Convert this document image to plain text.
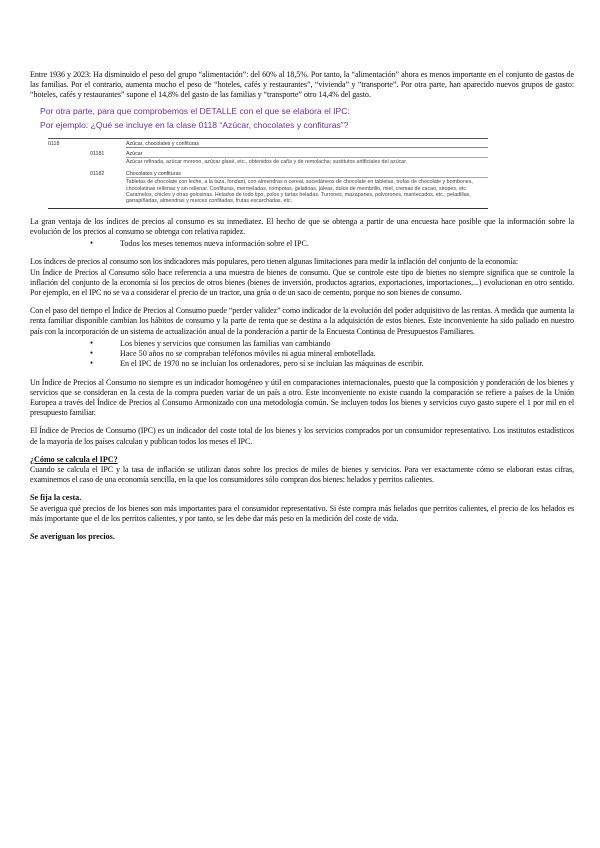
Entre 1936 y 2023: Ha disminuido el peso del grupo “alimentación”: del 60% al 18,5%. Por tanto, la “alimentación” ahora es menos importante en el conjunto de gastos de las familias. Por el contrario, aumenta mucho el peso de “hoteles, cafés y restaurantes”, “vivienda” y “transporte”. Por otra parte, han aparecido nuevos grupos de gasto: “hoteles, cafés y restaurantes” supone el 14,8% del gasto de las familias y “transporte” otro 14,4% del gasto.

Por otra parte, para que comprobemos el DETALLE con el que se elabora el IPC:
Por ejemplo: ¿Qué se incluye en la clase 0118 “Azúcar, chocolates y confituras”?
0118	Azúcar, chocolates y confituras
01181	Azúcar
Azúcar refinada, azúcar moreno, azúcar glasé, etc., obtenidos de caña y de remolacha; sustitutos artificiales del azúcar.
01182	Chocolates y confituras
Tabletas de chocolate con leche, a la taza, fondant, con almendras o cereal, sucedáneos de chocolate en tabletas, trufas de chocolate y bombones, chocolatinas rellenas y sin rellenar. Confituras, mermeladas, compotas, gelatinas, jaleas, dulce de membrillo, miel, cremas de cacao, siropes, etc. Caramelos, chicles y otras golosinas. Helados de todo tipo, polos y tartas heladas. Turrones, mazapanes, polvorones, mantecados, etc.; peladillas, garrapiñadas, almendras y nueces confitadas, frutas escarchadas, etc.

La gran ventaja de los índices de precios al consumo es su inmediatez. El hecho de que se obtenga a partir de una encuesta hace posible que la información sobre la evolución de los precios al consumo se obtenga con relativa rapidez.

● Todos los meses tenemos nueva información sobre el IPC.

Los índices de precios al consumo son los indicadores más populares, pero tienen algunas limitaciones para medir la inflación del conjunto de la economía:

Un Índice de Precios al Consumo sólo hace referencia a una muestra de bienes de consumo. Que se controle este tipo de bienes no siempre significa que se controle la inflación del conjunto de la economía si los precios de otros bienes (bienes de inversión, productos agrarios, exportaciones, importaciones,...) evolucionan en otro sentido. Por ejemplo, en el IPC no se va a considerar el precio de un tractor, una grúa o de un saco de cemento, porque no son bienes de consumo.

Con el paso del tiempo el Índice de Precios al Consumo puede “perder validez” como indicador de la evolución del poder adquisitivo de las rentas. A medida que aumenta la renta familiar disponible cambian los hábitos de consumo y la parte de renta que se destina a la adquisición de estos bienes. Este inconveniente ha sido paliado en nuestro país con la incorporación de un sistema de actualización anual de la ponderación a partir de la Encuesta Continua de Presupuestos Familiares.

● Los bienes y servicios que consumen las familias van cambiando
● Hace 50 años no se compraban teléfonos móviles ni agua mineral embotellada.
● En el IPC de 1970 no se incluían los ordenadores, pero sí se incluían las máquinas de escribir.

Un Índice de Precios al Consumo no siempre es un indicador homogéneo y útil en comparaciones internacionales, puesto que la composición y ponderación de los bienes y servicios que se consideran en la cesta de la compra pueden variar de un país a otro. Este inconveniente no existe cuando la comparación se refiere a países de la Unión Europea a través del Índice de Precios al Consumo Armonizado con una metodología común. Se incluyen todos los bienes y servicios cuyo gasto supere el 1 por mil en el presupuesto familiar.

El Índice de Precios de Consumo (IPC) es un indicador del coste total de los bienes y los servicios comprados por un consumidor representativo. Los institutos estadísticos de la mayoría de los países calculan y publican todos los meses el IPC.

¿Cómo se calcula el IPC?

Cuando se calcula el IPC y la tasa de inflación se utilizan datos sobre los precios de miles de bienes y servicios. Para ver exactamente cómo se elaboran estas cifras, examinemos el caso de una economía sencilla, en la que los consumidores sólo compran dos bienes: helados y perritos calientes.

Se fija la cesta.

Se averigua qué precios de los bienes son más importantes para el consumidor representativo. Si éste compra más helados que perritos calientes, el precio de los helados es más importante que el de los perritos calientes, y por tanto, se les debe dar más peso en la medición del coste de vida.

Se averiguan los precios.
